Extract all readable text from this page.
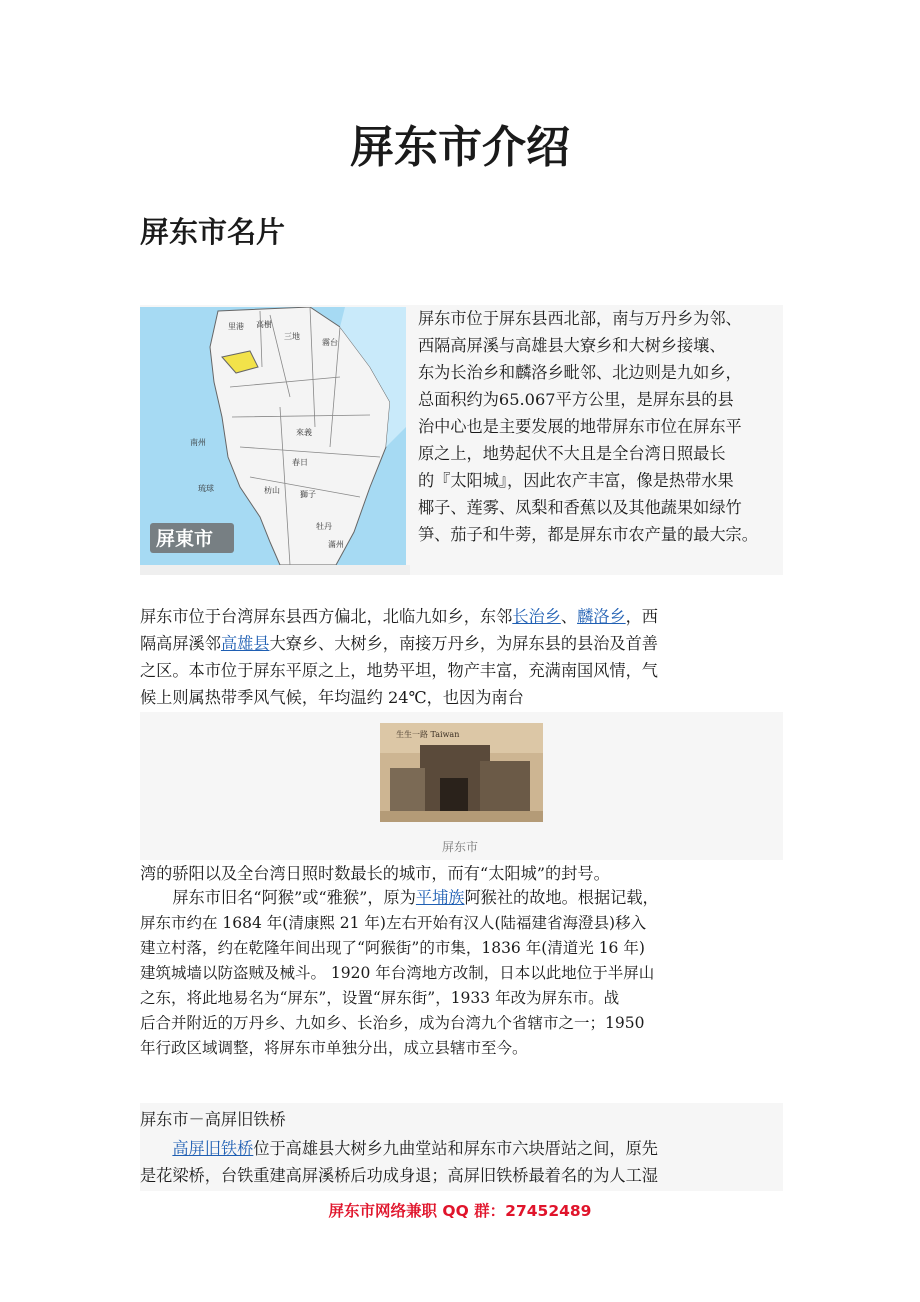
屏东市介绍
屏东市名片
三地
霧台
里港 高樹
來義
春日
獅子
牡丹
滿州
南州
琉球	枋山
屏東市

屏东市位于屏东县西北部，南与万丹乡为邻、

西隔高屏溪与高雄县大寮乡和大树乡接壤、

东为长治乡和麟洛乡毗邻、北边则是九如乡，

总面积约为65.067平方公里，是屏东县的县

治中心也是主要发展的地带屏东市位在屏东平

原之上，地势起伏不大且是全台湾日照最长

的『太阳城』，因此农产丰富，像是热带水果

椰子、莲雾、凤梨和香蕉以及其他蔬果如绿竹

笋、茄子和牛蒡，都是屏东市农产量的最大宗。

屏东市位于台湾屏东县西方偏北，北临九如乡，东邻长治乡、麟洛乡，西

隔高屏溪邻高雄县大寮乡、大树乡，南接万丹乡，为屏东县的县治及首善

之区。本市位于屏东平原之上，地势平坦，物产丰富，充满南国风情，气

候上则属热带季风气候，年均温约 24℃，也因为南台

生生一路 Taiwan
屏东市

湾的骄阳以及全台湾日照时数最长的城市，而有“太阳城”的封号。

　　屏东市旧名“阿猴”或“雅猴”，原为平埔族阿猴社的故地。根据记载，

屏东市约在 1684 年(清康熙 21 年)左右开始有汉人(陆福建省海澄县)移入

建立村落，约在乾隆年间出现了“阿猴街”的市集，1836 年(清道光 16 年)

建筑城墙以防盗贼及械斗。 1920 年台湾地方改制，日本以此地位于半屏山

之东，将此地易名为“屏东”，设置“屏东街”，1933 年改为屏东市。战

后合并附近的万丹乡、九如乡、长治乡，成为台湾九个省辖市之一；1950

年行政区域调整，将屏东市单独分出，成立县辖市至今。

屏东市－高屏旧铁桥

　　高屏旧铁桥位于高雄县大树乡九曲堂站和屏东市六块厝站之间，原先

是花梁桥，台铁重建高屏溪桥后功成身退；高屏旧铁桥最着名的为人工湿

屏东市网络兼职 QQ 群：27452489
